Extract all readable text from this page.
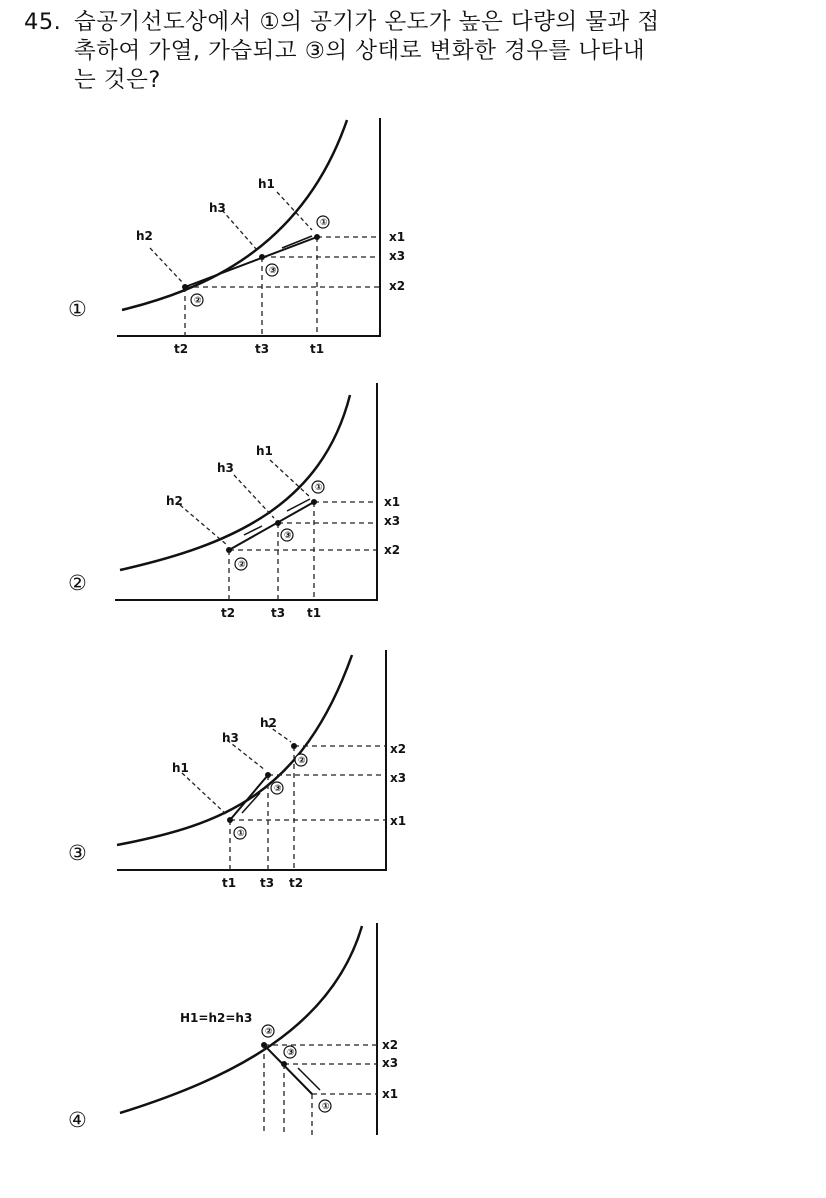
45. 습공기선도상에서 ①의 공기가 온도가 높은 다량의 물과 접
촉하여 가열, 가습되고 ③의 상태로 변화한 경우를 나타내
는 것은?
①
h2
h3
h1
x1
x3
x2
t2	t3	t1
①
③
②
②
h2
h3
h1
x1
x3
x2
t2	t3 t1
①
③
②
③
h1
h3
h2
x2
x3
x1
t1 t3 t2
②
③
①
④
H1=h2=h3
x2
x3
x1
②
③
①
